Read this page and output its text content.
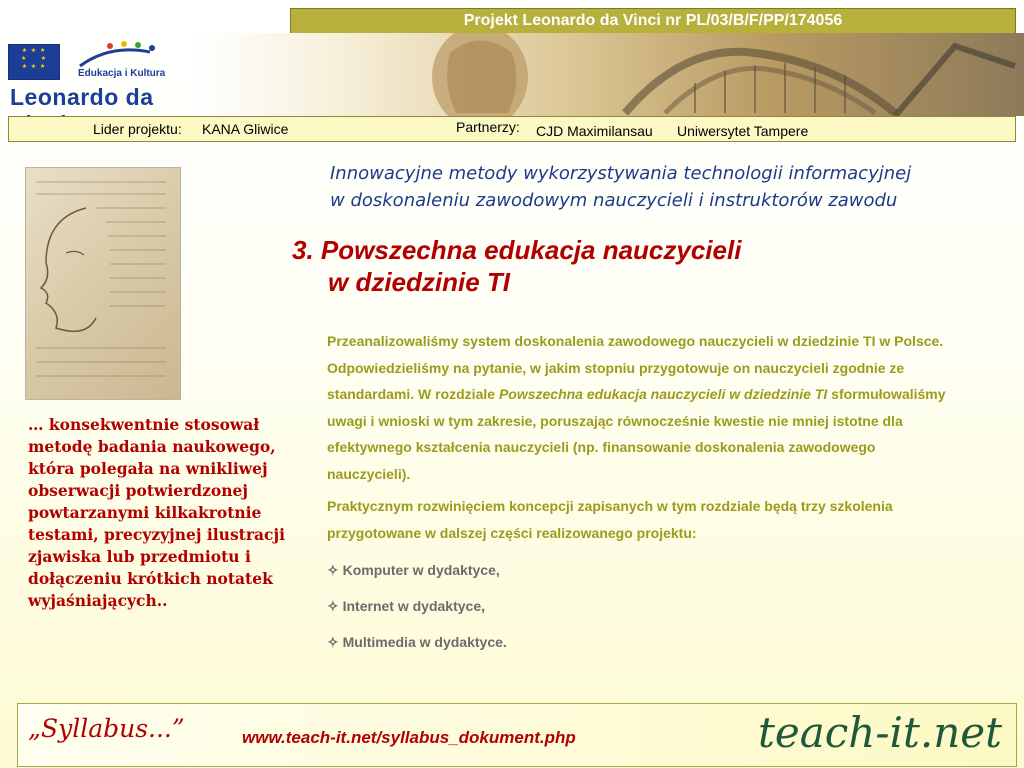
Projekt Leonardo da Vinci nr PL/03/B/F/PP/174056
★ ★ ★
★     ★
★ ★ ★
Edukacja i Kultura
Leonardo da
Lider projektu: KANA Gliwice	Partnerzy: CJD Maximilansau Uniwersytet Tampere
… konsekwentnie stosował metodę badania naukowego, która polegała na wnikliwej obserwacji potwierdzonej powtarzanymi kilkakrotnie testami, precyzyjnej ilustracji zjawiska lub przedmiotu i dołączeniu krótkich notatek wyjaśniających..
Innowacyjne metody wykorzystywania technologii informacyjnej
w doskonaleniu zawodowym nauczycieli i instruktorów zawodu
3. Powszechna edukacja nauczycieli
w dziedzinie TI

Przeanalizowaliśmy system doskonalenia zawodowego nauczycieli w dziedzinie TI w Polsce. Odpowiedzieliśmy na pytanie, w jakim stopniu przygotowuje on nauczycieli zgodnie ze standardami. W rozdziale Powszechna edukacja nauczycieli w dziedzinie TI sformułowaliśmy uwagi i wnioski w tym zakresie, poruszając równocześnie kwestie nie mniej istotne dla efektywnego kształcenia nauczycieli (np. finansowanie doskonalenia zawodowego nauczycieli).

Praktycznym rozwinięciem koncepcji zapisanych w tym rozdziale będą trzy szkolenia przygotowane w dalszej części realizowanego projektu:

✧ Komputer w dydaktyce,
✧ Internet w dydaktyce,
✧ Multimedia w dydaktyce.
„Syllabus...”	www.teach-it.net/syllabus_dokument.php	teach-it.net
